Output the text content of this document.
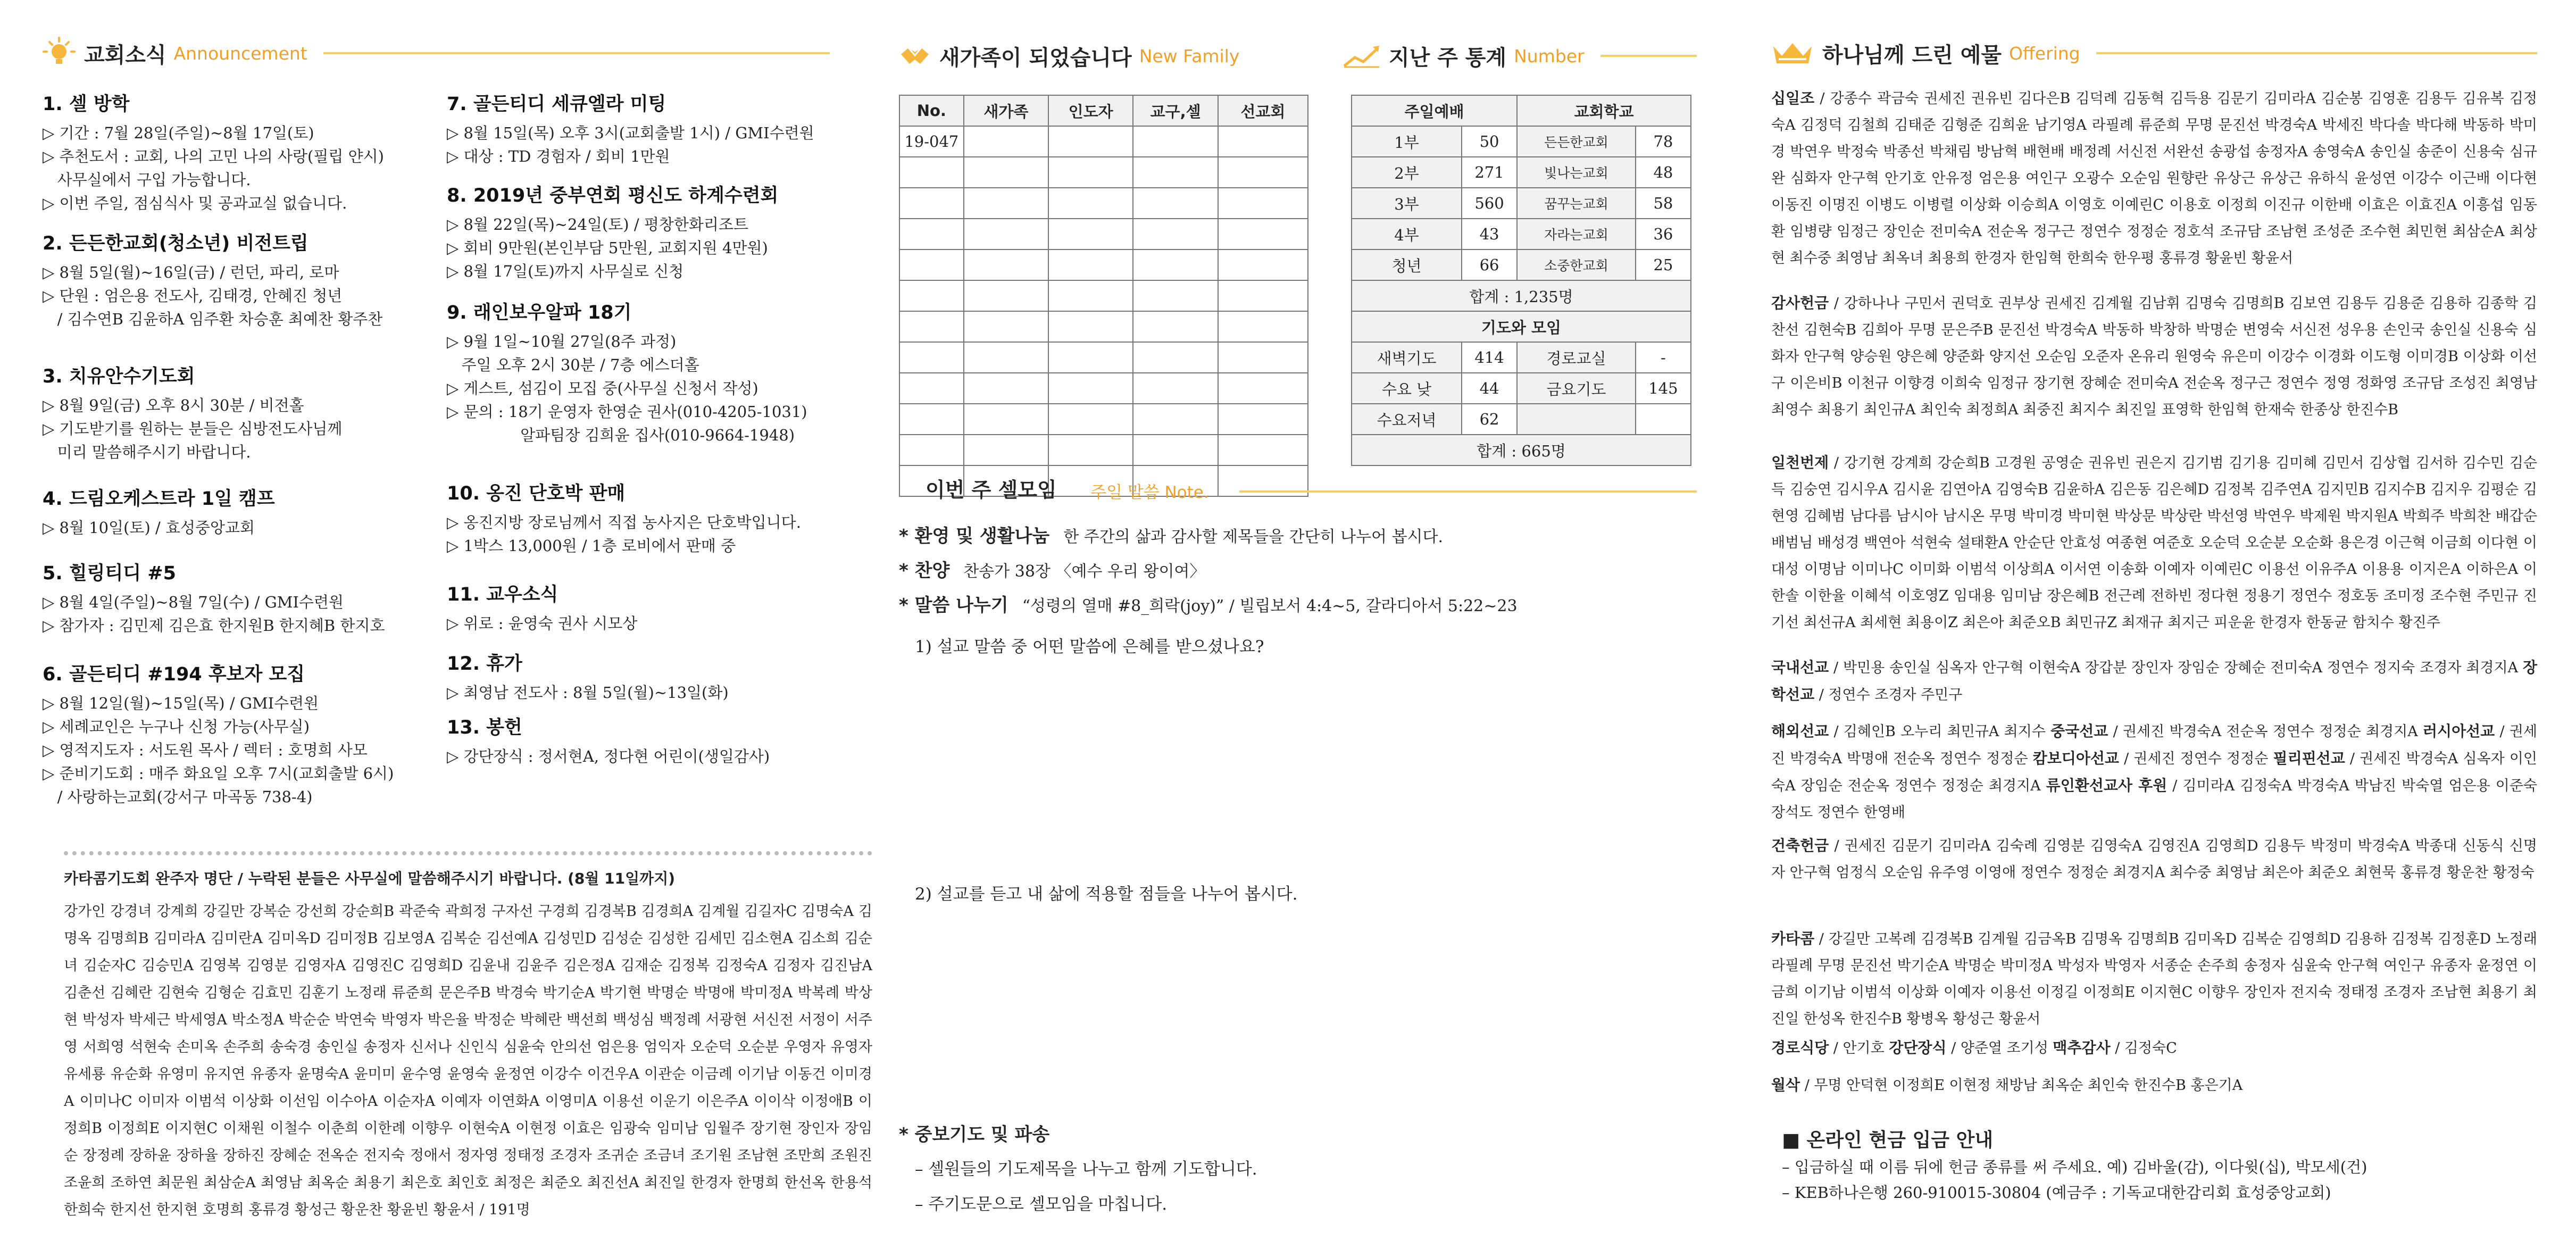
교회소식 Announcement
1. 셀 방학
▷ 기간 : 7월 28일(주일)~8월 17일(토)
▷ 추천도서 : 교회, 나의 고민 나의 사랑(필립 얀시)
사무실에서 구입 가능합니다.
▷ 이번 주일, 점심식사 및 공과교실 없습니다.
2. 든든한교회(청소년) 비전트립
▷ 8월 5일(월)~16일(금) / 런던, 파리, 로마
▷ 단원 : 엄은용 전도사, 김태경, 안혜진 청년
/ 김수연B 김윤하A 임주환 차승훈 최예찬 황주찬
3. 치유안수기도회
▷ 8월 9일(금) 오후 8시 30분 / 비전홀
▷ 기도받기를 원하는 분들은 심방전도사님께
미리 말씀해주시기 바랍니다.
4. 드림오케스트라 1일 캠프
▷ 8월 10일(토) / 효성중앙교회
5. 힐링티디 #5
▷ 8월 4일(주일)~8월 7일(수) / GMI수련원
▷ 참가자 : 김민제 김은효 한지원B 한지혜B 한지호
6. 골든티디 #194 후보자 모집
▷ 8월 12일(월)~15일(목) / GMI수련원
▷ 세례교인은 누구나 신청 가능(사무실)
▷ 영적지도자 : 서도원 목사 / 렉터 : 호명희 사모
▷ 준비기도회 : 매주 화요일 오후 7시(교회출발 6시)
/ 사랑하는교회(강서구 마곡동 738-4)
7. 골든티디 세큐엘라 미팅
▷ 8월 15일(목) 오후 3시(교회출발 1시) / GMI수련원
▷ 대상 : TD 경험자 / 회비 1만원
8. 2019년 중부연회 평신도 하계수련회
▷ 8월 22일(목)~24일(토) / 평창한화리조트
▷ 회비 9만원(본인부담 5만원, 교회지원 4만원)
▷ 8월 17일(토)까지 사무실로 신청
9. 래인보우알파 18기
▷ 9월 1일~10월 27일(8주 과정)
주일 오후 2시 30분 / 7층 에스더홀
▷ 게스트, 섬김이 모집 중(사무실 신청서 작성)
▷ 문의 : 18기 운영자 한영순 권사(010-4205-1031)
알파팀장 김희윤 집사(010-9664-1948)
10. 옹진 단호박 판매
▷ 옹진지방 장로님께서 직접 농사지은 단호박입니다.
▷ 1박스 13,000원 / 1층 로비에서 판매 중
11. 교우소식
▷ 위로 : 윤영숙 권사 시모상
12. 휴가
▷ 최영남 전도사 : 8월 5일(월)~13일(화)
13. 봉헌
▷ 강단장식 : 정서현A, 정다현 어린이(생일감사)
카타콤기도회 완주자 명단 / 누락된 분들은 사무실에 말씀해주시기 바랍니다. (8월 11일까지)
강가인 강경녀 강계희 강길만 강복순 강선희 강순희B 곽준숙 곽희정 구자선 구경희 김경복B 김경희A 김계월 김길자C 김명숙A 김명옥 김명희B 김미라A 김미란A 김미옥D 김미정B 김보영A 김복순 김선예A 김성민D 김성순 김성한 김세민 김소현A 김소희 김순녀 김순자C 김승민A 김영복 김영분 김영자A 김영진C 김영희D 김윤내 김윤주 김은정A 김재순 김정복 김정숙A 김정자 김진남A 김춘선 김혜란 김현숙 김형순 김효민 김훈기 노정래 류준희 문은주B 박경숙 박기순A 박기현 박명순 박명애 박미정A 박복례 박상현 박성자 박세근 박세영A 박소정A 박순순 박연숙 박영자 박은율 박정순 박혜란 백선희 백성심 백정례 서광현 서신전 서정이 서주영 서희영 석현숙 손미옥 손주희 송숙경 송인실 송정자 신서나 신인식 심윤숙 안의선 엄은용 엄익자 오순덕 오순분 우영자 유영자 유세룡 유순화 유영미 유지연 유종자 윤명숙A 윤미미 윤수영 윤영숙 윤정연 이강수 이건우A 이관순 이금례 이기남 이동건 이미경A 이미나C 이미자 이범석 이상화 이선임 이수아A 이순자A 이예자 이연화A 이영미A 이용선 이운기 이은주A 이이삭 이정애B 이정희B 이정희E 이지현C 이채원 이철수 이춘희 이한례 이향우 이현숙A 이현정 이효은 임광숙 임미남 임월주 장기현 장인자 장임순 장정례 장하윤 장하율 장하진 장혜순 전옥순 전지숙 정애서 정자영 정태정 조경자 조귀순 조금녀 조기원 조남현 조만희 조원진 조윤희 조하연 최문원 최삼순A 최영남 최옥순 최용기 최은호 최인호 최정은 최준오 최진선A 최진일 한경자 한명희 한선옥 한용석 한희숙 한지선 한지현 호명희 홍류경 황성근 황운찬 황윤빈 황윤서 / 191명
새가족이 되었습니다 New Family	지난 주 통계 Number
No.	새가족	인도자	교구,셀	선교회
19-047				

주일예배		교회학교	
1부	50	든든한교회	78
2부	271	빛나는교회	48
3부	560	꿈꾸는교회	58
4부	43	자라는교회	36
청년	66	소중한교회	25
합계 : 1,235명			
기도와 모임			
새벽기도	414	경로교실	-
수요 낮	44	금요기도	145
수요저녁	62		
합계 : 665명			
이번 주 셀모임 주일 말씀 Note.
* 환영 및 생활나눔 한 주간의 삶과 감사할 제목들을 간단히 나누어 봅시다.
* 찬양 찬송가 38장 〈예수 우리 왕이여〉
* 말씀 나누기 “성령의 열매 #8_희락(joy)” / 빌립보서 4:4~5, 갈라디아서 5:22~23
1) 설교 말씀 중 어떤 말씀에 은혜를 받으셨나요?
2) 설교를 듣고 내 삶에 적용할 점들을 나누어 봅시다.
* 중보기도 및 파송
– 셀원들의 기도제목을 나누고 함께 기도합니다.
– 주기도문으로 셀모임을 마칩니다.
하나님께 드린 예물 Offering
십일조 / 강종수 곽금숙 권세진 권유빈 김다은B 김덕례 김동혁 김득용 김문기 김미라A 김순봉 김영훈 김용두 김유복 김정숙A 김정덕 김철희 김태준 김형준 김희윤 남기영A 라필례 류준희 무명 문진선 박경숙A 박세진 박다솔 박다해 박동하 박미경 박연우 박정숙 박종선 박채림 방남혁 배현배 배정례 서신전 서완선 송광섭 송정자A 송영숙A 송인실 송준이 신용숙 심규완 심화자 안구혁 안기호 안유정 엄은용 여인구 오광수 오순임 원향란 유상근 유상근 유하식 윤성연 이강수 이근배 이다현 이동진 이명진 이병도 이병렬 이상화 이승희A 이영호 이예린C 이용호 이정희 이진규 이한배 이효은 이효진A 이흥섭 임동환 임병량 임정근 장인순 전미숙A 전순옥 정구근 정연수 정정순 정호석 조규담 조남현 조성준 조수현 최민현 최삼순A 최상현 최수중 최영남 최옥녀 최용희 한경자 한임혁 한희숙 한우평 홍류경 황윤빈 황윤서
감사헌금 / 강하나나 구민서 권덕호 권부상 권세진 김계월 김남휘 김명숙 김명희B 김보연 김용두 김용준 김용하 김종학 김찬선 김현숙B 김희아 무명 문은주B 문진선 박경숙A 박동하 박창하 박명순 변영숙 서신전 성우용 손인국 송인실 신용숙 심화자 안구혁 양승원 양은혜 양준화 양지선 오순임 오준자 온유리 원영숙 유은미 이강수 이경화 이도형 이미경B 이상화 이선구 이은비B 이천규 이향경 이희숙 임정규 장기현 장혜순 전미숙A 전순옥 정구근 정연수 정영 정화영 조규담 조성진 최영남 최영수 최용기 최인규A 최인숙 최정희A 최중진 최지수 최진일 표영학 한임혁 한재숙 한종상 한진수B
일천번제 / 강기현 강계희 강순희B 고경원 공영순 권유빈 권은지 김기범 김기용 김미혜 김민서 김상협 김서하 김수민 김순득 김숭연 김시우A 김시윤 김연아A 김영숙B 김윤하A 김은동 김은혜D 김정복 김주연A 김지민B 김지수B 김지우 김평순 김현영 김혜범 남다름 남시아 남시온 무명 박미경 박미현 박상문 박상란 박선영 박연우 박제원 박지원A 박희주 박희찬 배갑순 배범님 배성경 백연아 석현숙 설태환A 안순단 안효성 여종현 여준호 오순덕 오순분 오순화 용은경 이근혁 이금희 이다현 이대성 이명남 이미나C 이미화 이범석 이상희A 이서연 이송화 이예자 이예린C 이용선 이유주A 이용용 이지은A 이하은A 이한솔 이한율 이혜석 이호영Z 임대용 임미남 장은혜B 전근례 전하빈 정다현 정용기 정연수 정호동 조미정 조수현 주민규 진기선 최선규A 최세현 최용이Z 최은아 최준오B 최민규Z 최재규 최지근 피운윤 한경자 한동균 함치수 황진주
국내선교 / 박민용 송인실 심옥자 안구혁 이현숙A 장갑분 장인자 장임순 장혜순 전미숙A 정연수 정지숙 조경자 최경지A 장학선교 / 정연수 조경자 주민구
해외선교 / 김혜인B 오누리 최민규A 최지수 중국선교 / 권세진 박경숙A 전순옥 정연수 정정순 최경지A 러시아선교 / 권세진 박경숙A 박명애 전순옥 정연수 정정순 캄보디아선교 / 권세진 정연수 정정순 필리핀선교 / 권세진 박경숙A 심옥자 이인숙A 장임순 전순옥 정연수 정정순 최경지A 류인환선교사 후원 / 김미라A 김정숙A 박경숙A 박남진 박숙열 엄은용 이준숙 장석도 정연수 한영배
건축헌금 / 권세진 김문기 김미라A 김숙례 김영분 김영숙A 김영진A 김영희D 김용두 박정미 박경숙A 박종대 신동식 신명자 안구혁 엄정식 오순임 유주영 이영애 정연수 정정순 최경지A 최수중 최영남 최은아 최준오 최현묵 홍류경 황운찬 황정숙
카타콤 / 강길만 고복례 김경복B 김계월 김금옥B 김명옥 김명희B 김미옥D 김복순 김영희D 김용하 김정복 김정훈D 노정래 라필례 무명 문진선 박기순A 박명순 박미정A 박성자 박영자 서종순 손주희 송정자 심윤숙 안구혁 여인구 유종자 윤정연 이금희 이기남 이범석 이상화 이예자 이용선 이정길 이정희E 이지현C 이향우 장인자 전지숙 정태정 조경자 조남현 최용기 최진일 한성옥 한진수B 황병옥 황성근 황윤서
경로식당 / 안기호 강단장식 / 양준열 조기성 맥추감사 / 김정숙C
월삭 / 무명 안덕현 이정희E 이현정 채방남 최옥순 최인숙 한진수B 홍은기A
■ 온라인 현금 입금 안내
– 입금하실 때 이름 뒤에 헌금 종류를 써 주세요. 예) 김바울(감), 이다윗(십), 박모세(건)
– KEB하나은행 260-910015-30804 (예금주 : 기독교대한감리회 효성중앙교회)
